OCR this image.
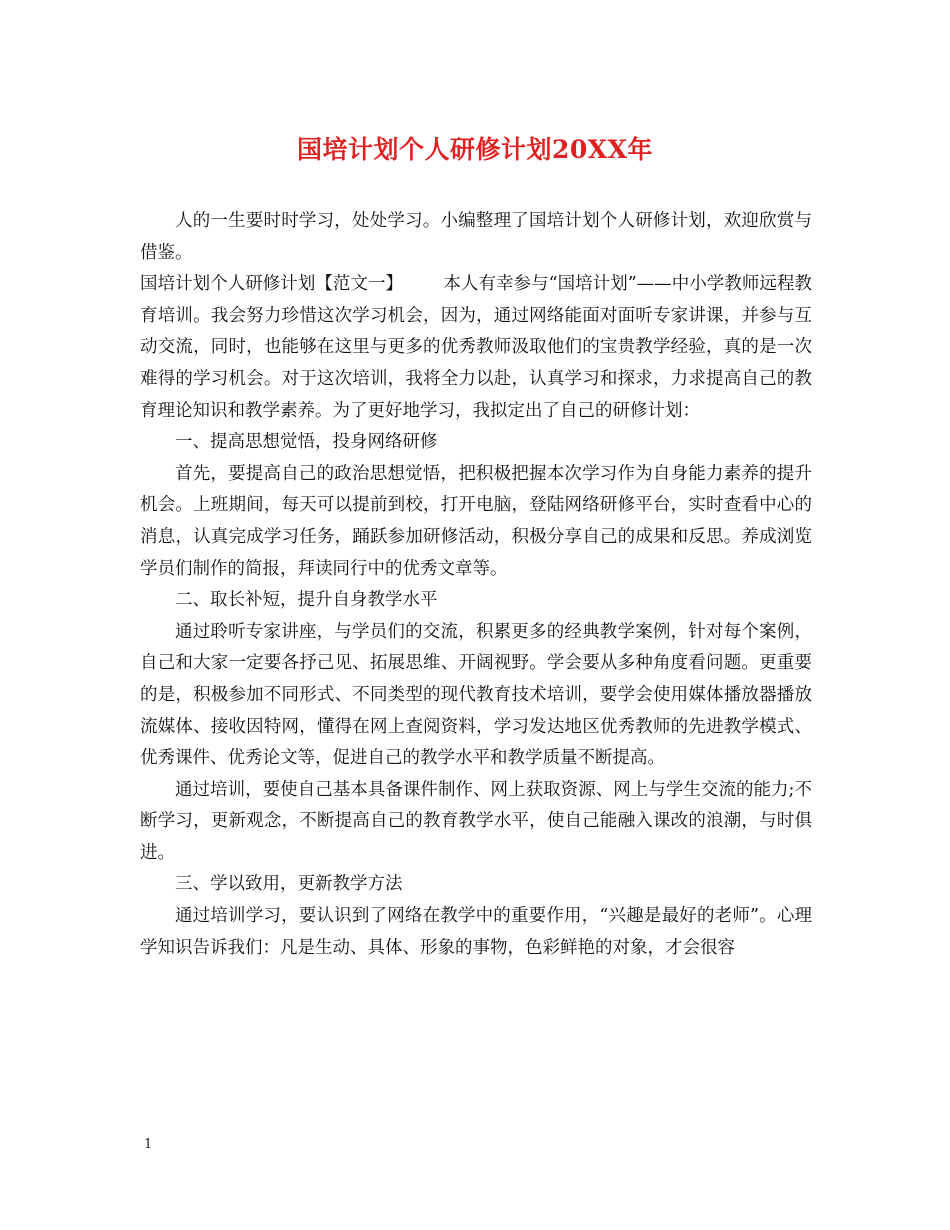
国培计划个人研修计划20XX年

人的一生要时时学习，处处学习。小编整理了国培计划个人研修计划，欢迎欣赏与借鉴。

国培计划个人研修计划【范文一】 本人有幸参与“国培计划”——中小学教师远程教育培训。我会努力珍惜这次学习机会，因为，通过网络能面对面听专家讲课，并参与互动交流，同时，也能够在这里与更多的优秀教师汲取他们的宝贵教学经验，真的是一次难得的学习机会。对于这次培训，我将全力以赴，认真学习和探求，力求提高自己的教育理论知识和教学素养。为了更好地学习，我拟定出了自己的研修计划：

一、提高思想觉悟，投身网络研修

首先，要提高自己的政治思想觉悟，把积极把握本次学习作为自身能力素养的提升机会。上班期间，每天可以提前到校，打开电脑，登陆网络研修平台，实时查看中心的消息，认真完成学习任务，踊跃参加研修活动，积极分享自己的成果和反思。养成浏览学员们制作的简报，拜读同行中的优秀文章等。

二、取长补短，提升自身教学水平

通过聆听专家讲座，与学员们的交流，积累更多的经典教学案例，针对每个案例，自己和大家一定要各抒己见、拓展思维、开阔视野。学会要从多种角度看问题。更重要的是，积极参加不同形式、不同类型的现代教育技术培训，要学会使用媒体播放器播放流媒体、接收因特网，懂得在网上查阅资料，学习发达地区优秀教师的先进教学模式、优秀课件、优秀论文等，促进自己的教学水平和教学质量不断提高。

通过培训，要使自己基本具备课件制作、网上获取资源、网上与学生交流的能力;不断学习，更新观念，不断提高自己的教育教学水平，使自己能融入课改的浪潮，与时俱进。

三、学以致用，更新教学方法

通过培训学习，要认识到了网络在教学中的重要作用，“兴趣是最好的老师”。心理学知识告诉我们：凡是生动、具体、形象的事物，色彩鲜艳的对象，才会很容

1
